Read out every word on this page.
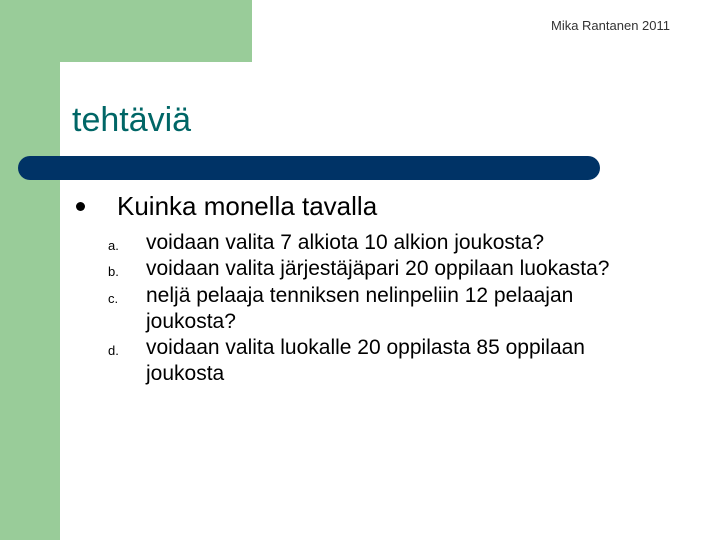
Mika Rantanen 2011
tehtäviä
Kuinka monella tavalla
a.	voidaan valita 7 alkiota 10 alkion joukosta?
b.	voidaan valita järjestäjäpari 20 oppilaan luokasta?
c.	neljä pelaaja tenniksen nelinpeliin 12 pelaajan joukosta?
d.	voidaan valita luokalle 20 oppilasta 85 oppilaan joukosta
